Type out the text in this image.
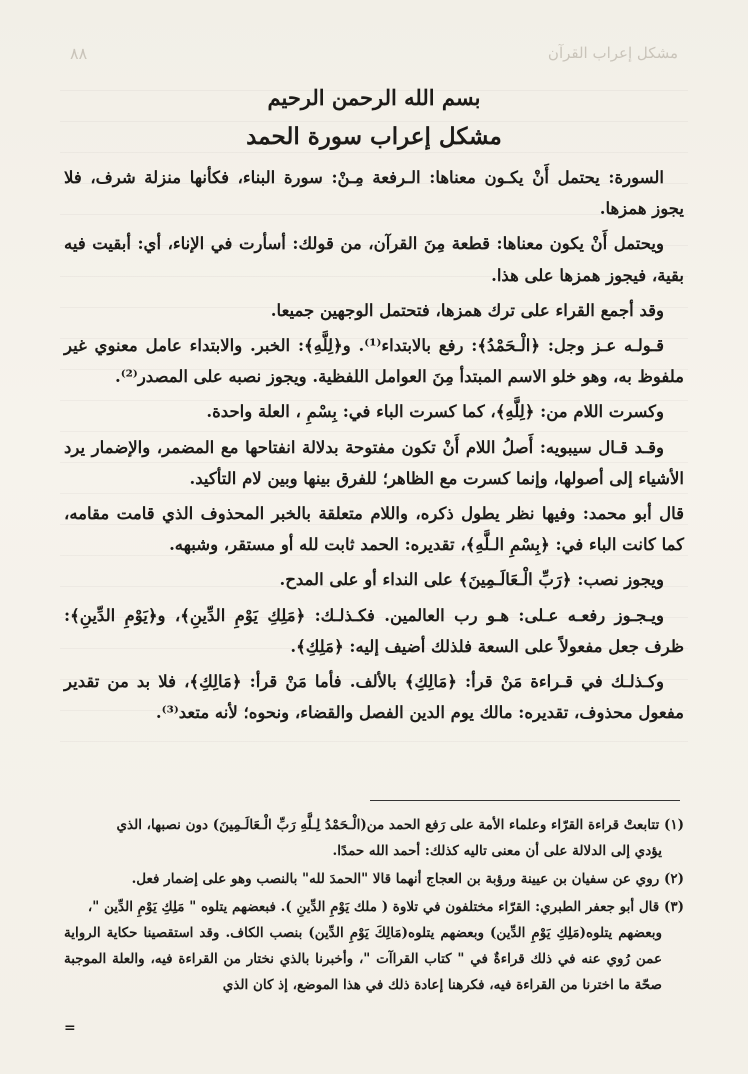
٨٨	مشكل إعراب القرآن
بسم الله الرحمن الرحيم
مشكل إعراب سورة الحمد

السورة: يحتمل أَنْ يكـون معناها: الـرفعة مِـنْ: سورة البناء، فكأنها منزلة شرف، فلا يجوز همزها.

ويحتمل أَنْ يكون معناها: قطعة مِنَ القرآن، من قولك: أسأرت في الإناء، أي: أبقيت فيه بقية، فيجوز همزها على هذا.

وقد أجمع القراء على ترك همزها، فتحتمل الوجهين جميعا.

قـولـه عـز وجل: ﴿الْـحَمْدُ﴾: رفع بالابتداء⁽¹⁾. و﴿لِلَّهِ﴾: الخبر. والابتداء عامل معنوي غير ملفوظ به، وهو خلو الاسم المبتدأ مِنَ العوامل اللفظية. ويجوز نصبه على المصدر⁽²⁾.

وكسرت اللام من: ﴿لِلَّهِ﴾، كما كسرت الباء في: بِسْمِ ، العلة واحدة.

وقـد قـال سيبويه: أَصلُ اللام أَنْ تكون مفتوحة بدلالة انفتاحها مع المضمر، والإضمار يرد الأشياء إلى أصولها، وإنما كسرت مع الظاهر؛ للفرق بينها وبين لام التأكيد.

قال أبو محمد: وفيها نظر يطول ذكره، واللام متعلقة بالخبر المحذوف الذي قامت مقامه، كما كانت الباء في: ﴿بِسْمِ الـلَّهِ﴾، تقديره: الحمد ثابت لله أو مستقر، وشبهه.

ويجوز نصب: ﴿رَبِّ الْـعَالَـمِينَ﴾ على النداء أو على المدح.

ويـجـوز رفعـه عـلى: هـو رب العالمين. فكـذلـك: ﴿مَلِكِ يَوْمِ الدِّينِ﴾، و﴿يَوْمِ الدِّينِ﴾: ظرف جعل مفعولاً على السعة فلذلك أضيف إليه: ﴿مَلِكِ﴾.

وكـذلـك في قـراءة مَنْ قرأ: ﴿مَالِكِ﴾ بالألف. فأما مَنْ قرأ: ﴿مَالِكِ﴾، فلا بد من تقدير مفعول محذوف، تقديره: مالك يوم الدين الفصل والقضاء، ونحوه؛ لأنه متعد⁽³⁾.

(١) تتابعتْ قراءة القرّاء وعلماء الأمة على رَفع الحمد من(الْـحَمْدُ لِـلَّهِ رَبِّ الْـعَالَـمِينَ) دون نصبها، الذي
يؤدي إلى الدلالة على أن معنى تاليه كذلك: أحمد الله حمدًا.
(٢) روي عن سفيان بن عيينة ورؤبة بن العجاج أنهما قالا "الحمدَ لله" بالنصب وهو على إضمار فعل.
(٣) قال أبو جعفر الطبري: القرّاء مختلفون في تلاوة ( ملك يَوْمِ الدِّينِ ). فبعضهم يتلوه " مَلِكِ يَوْمِ الدِّين "،
وبعضهم يتلوه(مَلِكِ يَوْمِ الدِّين) وبعضهم يتلوه(مَالِكَ يَوْمِ الدِّين) بنصب الكاف. وقد استقصينا حكاية الرواية عمن رُوي عنه في ذلك قراءةٌ في " كتاب القراآت "، وأخبرنا بالذي نختار من القراءة فيه، والعلة الموجبة صحّة ما اخترنا من القراءة فيه، فكرهنا إعادة ذلك في هذا الموضع، إذ كان الذي
=
